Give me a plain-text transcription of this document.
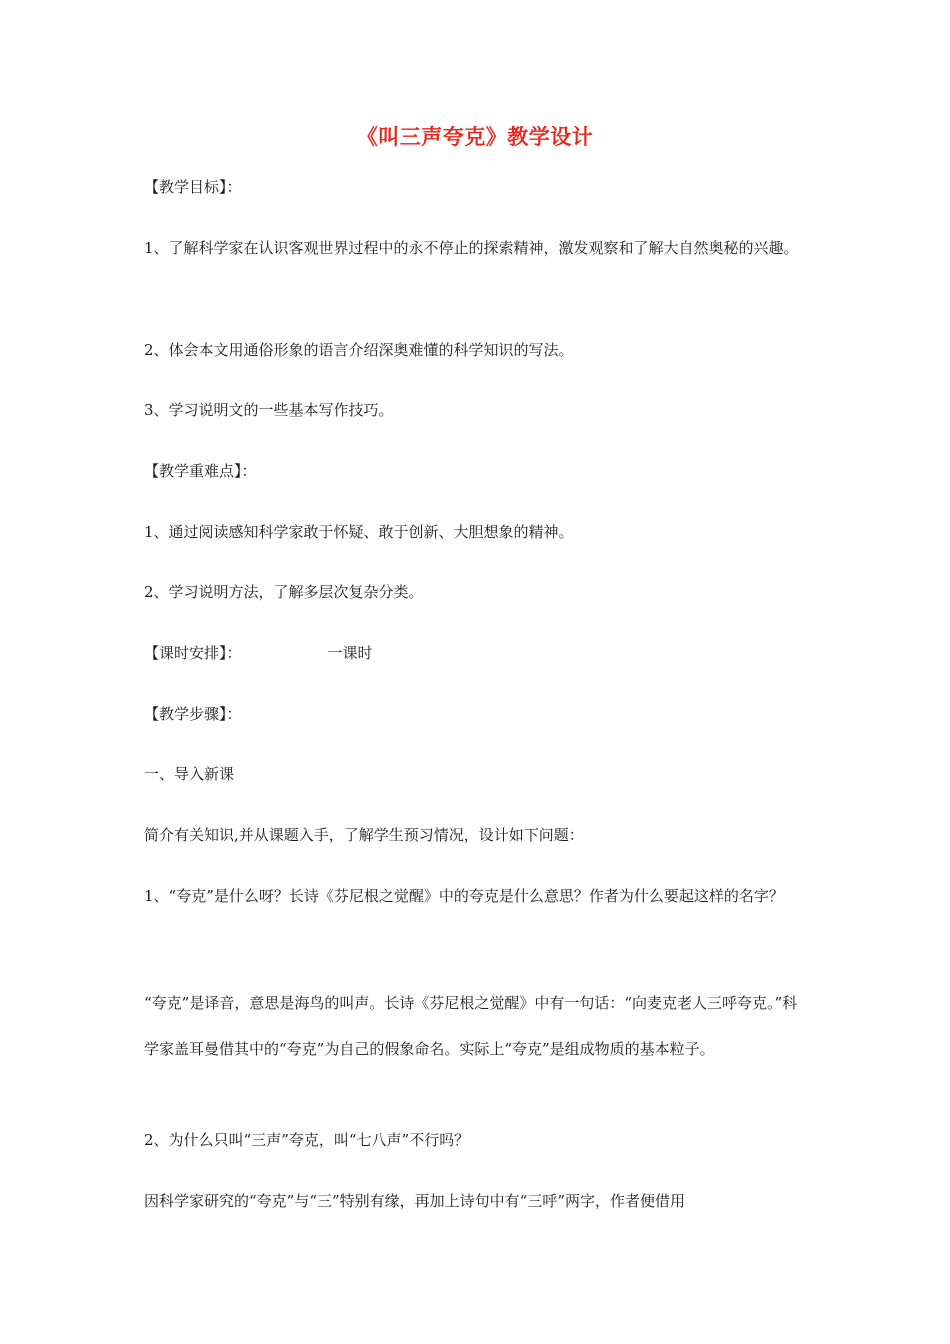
《叫三声夸克》教学设计

【教学目标】：

1、了解科学家在认识客观世界过程中的永不停止的探索精神，激发观察和了解大自然奥秘的兴趣。

2、体会本文用通俗形象的语言介绍深奥难懂的科学知识的写法。

3、学习说明文的一些基本写作技巧。

【教学重难点】：

1、通过阅读感知科学家敢于怀疑、敢于创新、大胆想象的精神。

2、学习说明方法，了解多层次复杂分类。

【课时安排】：	一课时

【教学步骤】：

一、导入新课

简介有关知识,并从课题入手，了解学生预习情况，设计如下问题：

1、“夸克”是什么呀？长诗《芬尼根之觉醒》中的夸克是什么意思？作者为什么要起这样的名字？

“夸克”是译音，意思是海鸟的叫声。长诗《芬尼根之觉醒》中有一句话：“向麦克老人三呼夸克。”科学家盖耳曼借其中的“夸克”为自己的假象命名。实际上“夸克”是组成物质的基本粒子。

2、为什么只叫“三声”夸克，叫“七八声”不行吗？

因科学家研究的“夸克”与“三”特别有缘，再加上诗句中有“三呼”两字，作者便借用
